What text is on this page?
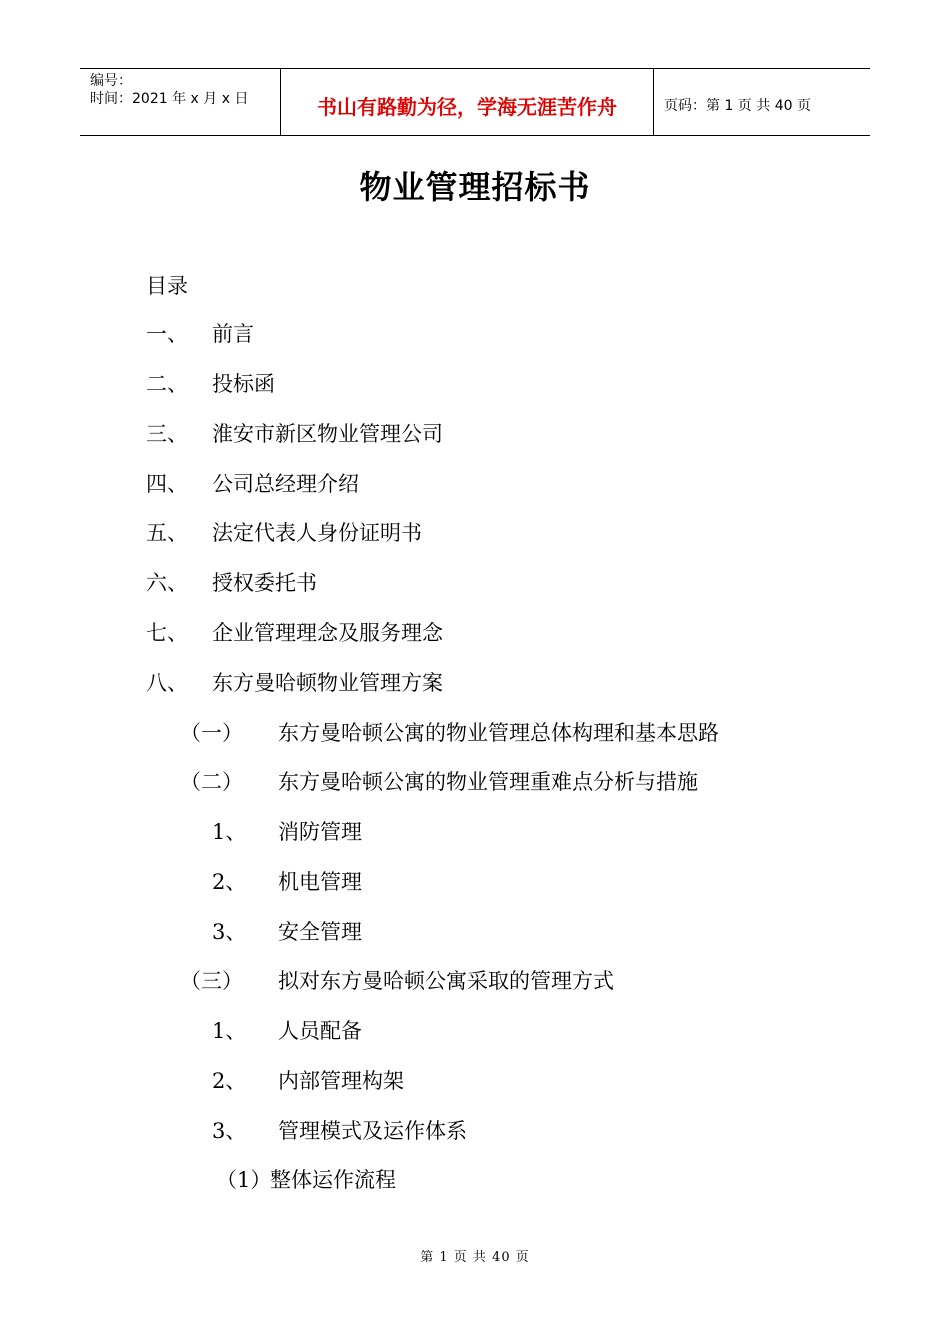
编号：
时间：2021 年 x 月 x 日	书山有路勤为径，学海无涯苦作舟	页码：第 1 页 共 40 页
物业管理招标书
目录
一、 前言
二、 投标函
三、 淮安市新区物业管理公司
四、 公司总经理介绍
五、 法定代表人身份证明书
六、 授权委托书
七、 企业管理理念及服务理念
八、 东方曼哈顿物业管理方案
（一） 东方曼哈顿公寓的物业管理总体构理和基本思路
（二） 东方曼哈顿公寓的物业管理重难点分析与措施
1、 消防管理
2、 机电管理
3、 安全管理
（三） 拟对东方曼哈顿公寓采取的管理方式
1、 人员配备
2、 内部管理构架
3、 管理模式及运作体系
（1）
整体运作流程
第 1 页 共 40 页
